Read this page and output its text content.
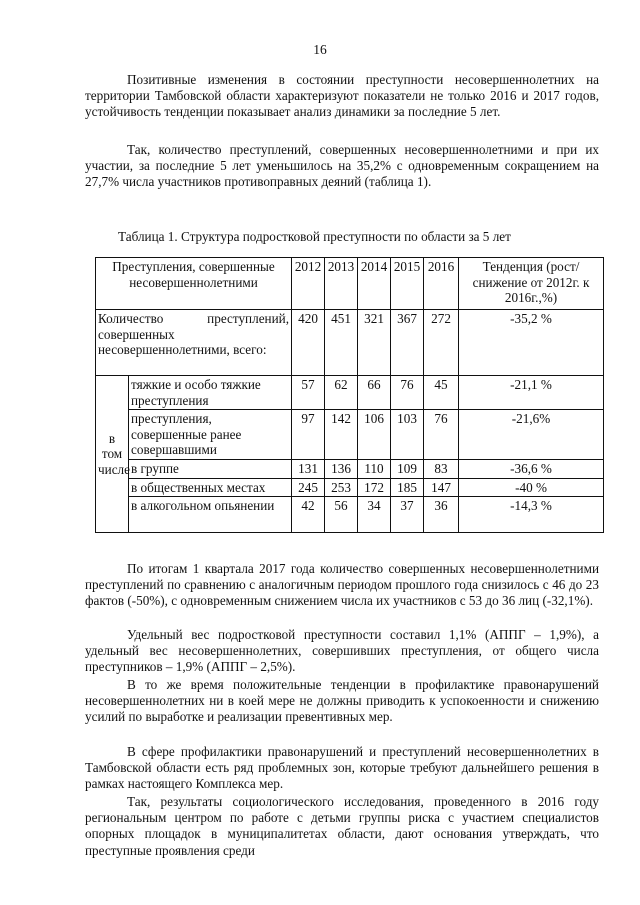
16

Позитивные изменения в состоянии преступности несовершеннолетних на территории Тамбовской области характеризуют показатели не только 2016 и 2017 годов, устойчивость тенденции показывает анализ динамики за последние 5 лет.

Так, количество преступлений, совершенных несовершеннолетними и при их участии, за последние 5 лет уменьшилось на 35,2% с одновременным сокращением на 27,7% числа участников противоправных деяний (таблица 1).

Таблица 1. Структура подростковой преступности по области за 5 лет
Преступления, совершенные несовершеннолетними		2012	2013	2014	2015	2016	Тенденция (рост/снижение от 2012г. к 2016г.,%)
Количество преступлений, совершенных несовершеннолетними, всего:		420	451	321	367	272	-35,2 %
в том числе	тяжкие и особо тяжкие преступления	57	62	66	76	45	-21,1 %
	преступления, совершенные ранее совершавшими	97	142	106	103	76	-21,6%
	в группе	131	136	110	109	83	-36,6 %
	в общественных местах	245	253	172	185	147	-40 %
	в алкогольном опьянении	42	56	34	37	36	-14,3 %

По итогам 1 квартала 2017 года количество совершенных несовершеннолетними преступлений по сравнению с аналогичным периодом прошлого года снизилось с 46 до 23 фактов (-50%), с одновременным снижением числа их участников с 53 до 36 лиц (-32,1%).

Удельный вес подростковой преступности составил 1,1% (АППГ – 1,9%), а удельный вес несовершеннолетних, совершивших преступления, от общего числа преступников – 1,9% (АППГ – 2,5%).

В то же время положительные тенденции в профилактике правонарушений несовершеннолетних ни в коей мере не должны приводить к успокоенности и снижению усилий по выработке и реализации превентивных мер.

В сфере профилактики правонарушений и преступлений несовершеннолетних в Тамбовской области есть ряд проблемных зон, которые требуют дальнейшего решения в рамках настоящего Комплекса мер.

Так, результаты социологического исследования, проведенного в 2016 году региональным центром по работе с детьми группы риска с участием специалистов опорных площадок в муниципалитетах области, дают основания утверждать, что преступные проявления среди
